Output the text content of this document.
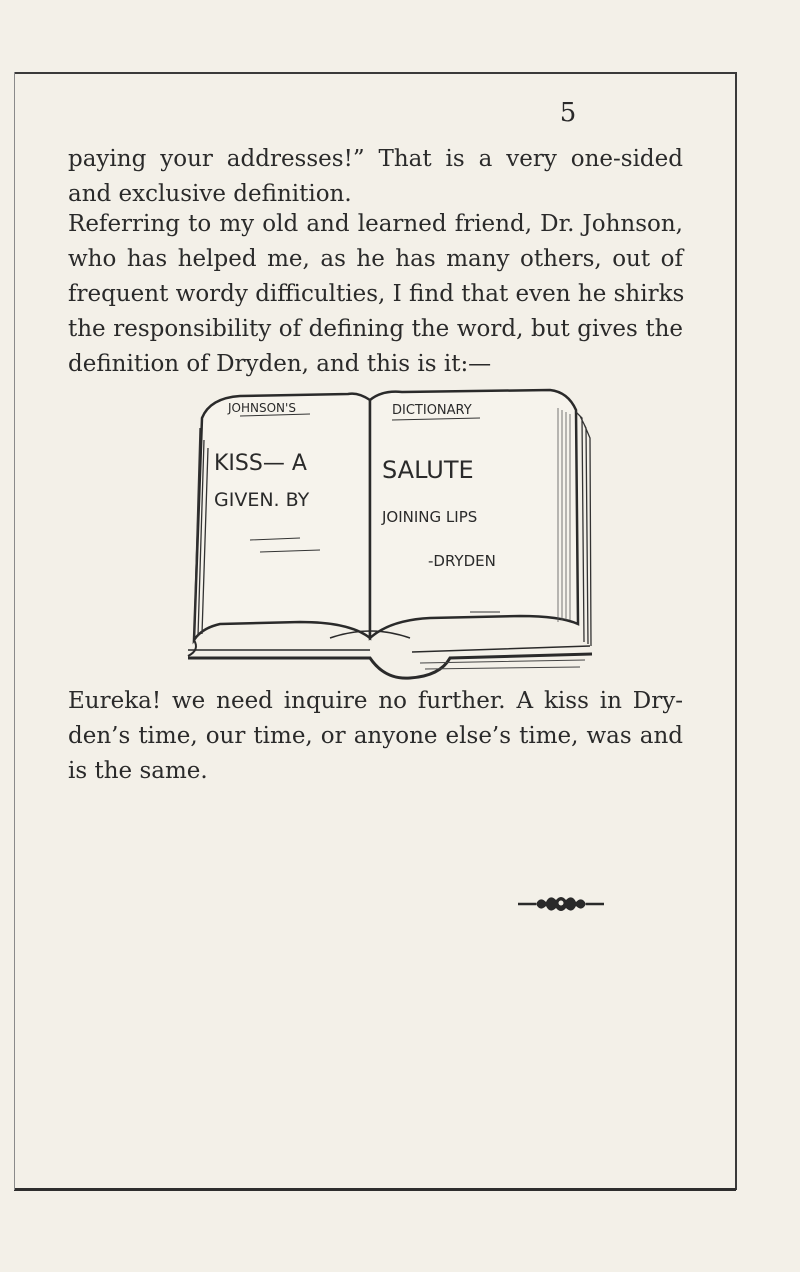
5

paying your addresses!” That is a very one-sided
and exclusive definition.

Referring to my old and learned friend, Dr. Johnson,
who has helped me, as he has many others, out of
frequent wordy difficulties, I find that even he shirks
the responsibility of defining the word, but gives the
definition of Dryden, and this is it:—

JOHNSON'S
KISS— A
GIVEN. BY
DICTIONARY
SALUTE
JOINING LIPS
-DRYDEN

Eureka! we need inquire no further. A kiss in Dry-
den’s time, our time, or anyone else’s time, was and
is the same.
